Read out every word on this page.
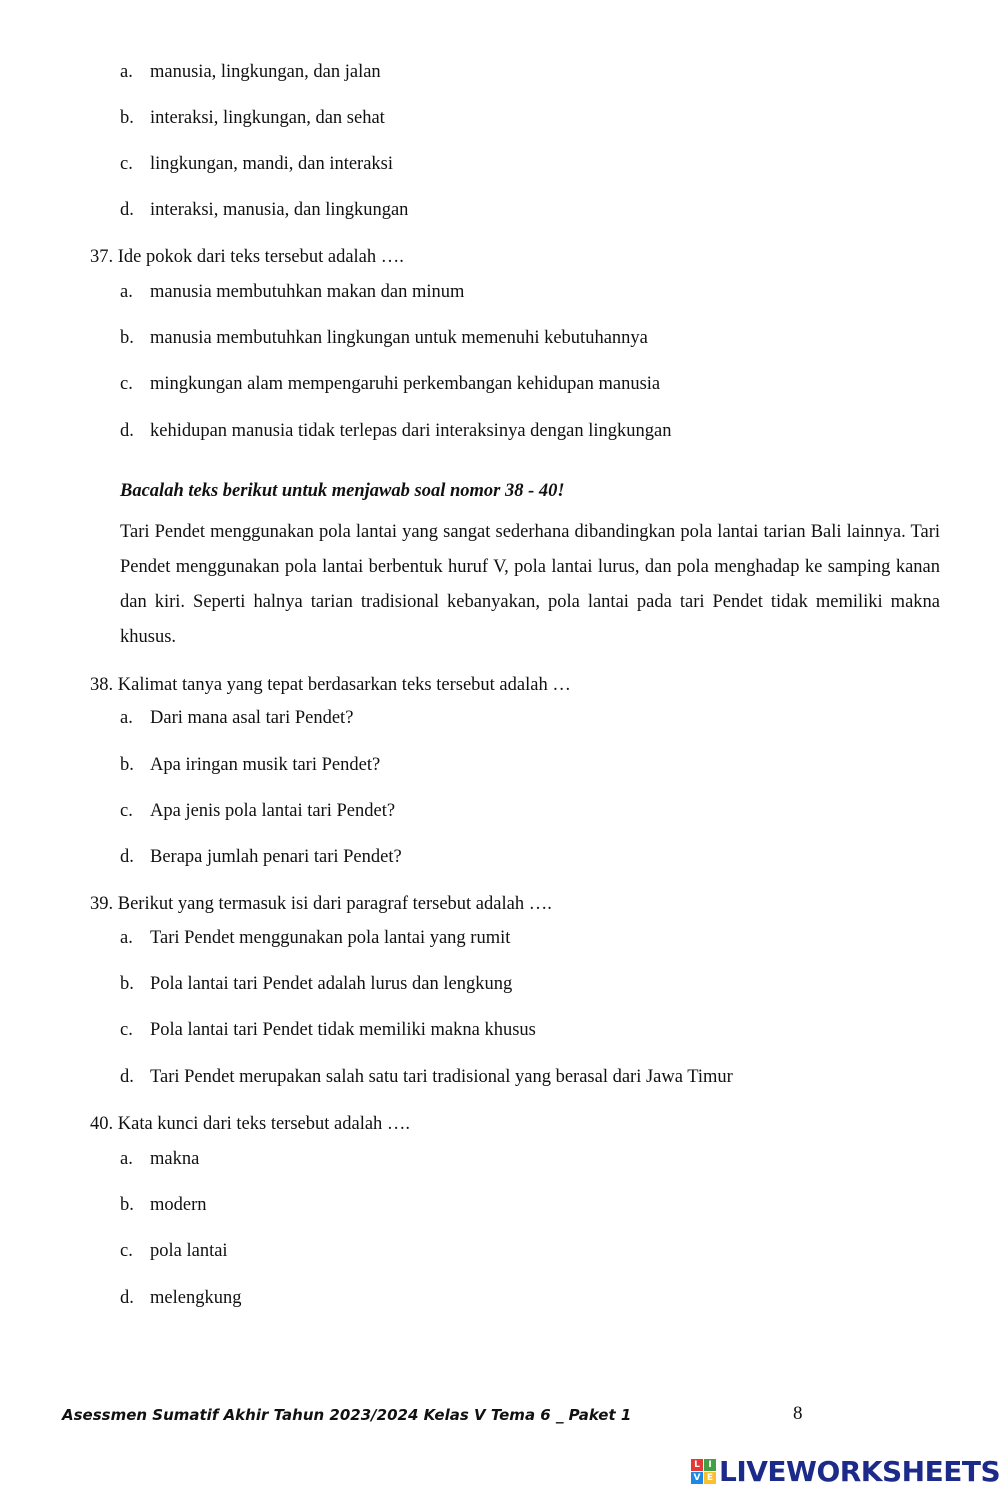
a. manusia, lingkungan, dan jalan
b. interaksi, lingkungan, dan sehat
c. lingkungan, mandi, dan interaksi
d. interaksi, manusia, dan lingkungan
37. Ide pokok dari teks tersebut adalah ….
a. manusia membutuhkan makan dan minum
b. manusia membutuhkan lingkungan untuk memenuhi kebutuhannya
c. mingkungan alam mempengaruhi perkembangan kehidupan manusia
d. kehidupan manusia tidak terlepas dari interaksinya dengan lingkungan
Bacalah teks berikut untuk menjawab soal nomor 38 - 40!
Tari Pendet menggunakan pola lantai yang sangat sederhana dibandingkan pola lantai tarian Bali lainnya. Tari Pendet menggunakan pola lantai berbentuk huruf V, pola lantai lurus, dan pola menghadap ke samping kanan dan kiri. Seperti halnya tarian tradisional kebanyakan, pola lantai pada tari Pendet tidak memiliki makna khusus.
38. Kalimat tanya yang tepat berdasarkan teks tersebut adalah …
a. Dari mana asal tari Pendet?
b. Apa iringan musik tari Pendet?
c. Apa jenis pola lantai tari Pendet?
d. Berapa jumlah penari tari Pendet?
39. Berikut yang termasuk isi dari paragraf tersebut adalah ….
a. Tari Pendet menggunakan pola lantai yang rumit
b. Pola lantai tari Pendet adalah lurus dan lengkung
c. Pola lantai tari Pendet tidak memiliki makna khusus
d. Tari Pendet merupakan salah satu tari tradisional yang berasal dari Jawa Timur
40. Kata kunci dari teks tersebut adalah ….
a. makna
b. modern
c. pola lantai
d. melengkung
Asessmen Sumatif Akhir Tahun 2023/2024 Kelas V Tema 6 _ Paket 1	8
L I
V E LIVEWORKSHEETS
